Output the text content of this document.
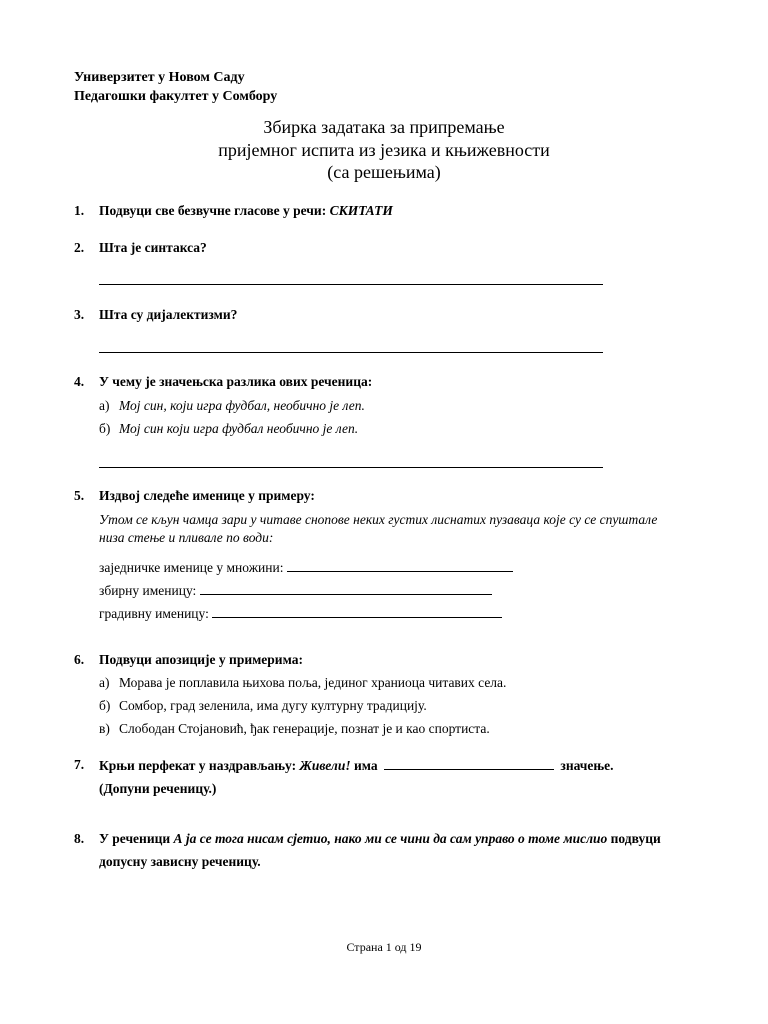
Универзитет у Новом Саду
Педагошки факултет у Сомбору
Збирка задатака за припремање
пријемног испита из језика и књижевности
(са решењима)
1. Подвуци све безвучне гласове у речи: СКИТАТИ
2. Шта је синтакса?
3. Шта су дијалектизми?
4. У чему је значењска разлика ових реченица:
а) Мој син, који игра фудбал, необично је леп.
б) Мој син који игра фудбал необично је леп.
5. Издвој следеће именице у примеру:
Утом се кљун чамца зари у читаве снопове неких густих лиснатих пузаваца које су се спуштале
низа стење и пливале по води:
заједничке именице у множини:
збирну именицу:
градивну именицу:
6. Подвуци апозиције у примерима:
а) Морава је поплавила њихова поља, јединог храниоца читавих села.
б) Сомбор, град зеленила, има дугу културну традицију.
в) Слободан Стојановић, ђак генерације, познат је и као спортиста.
7. Крњи перфекат у наздрављању: Живели! има	значење.
(Допуни реченицу.)
8. У реченици А ја се тога нисам сјетио, нако ми се чини да сам управо о томе мислио подвуци
допусну зависну реченицу.
Страна 1 од 19
